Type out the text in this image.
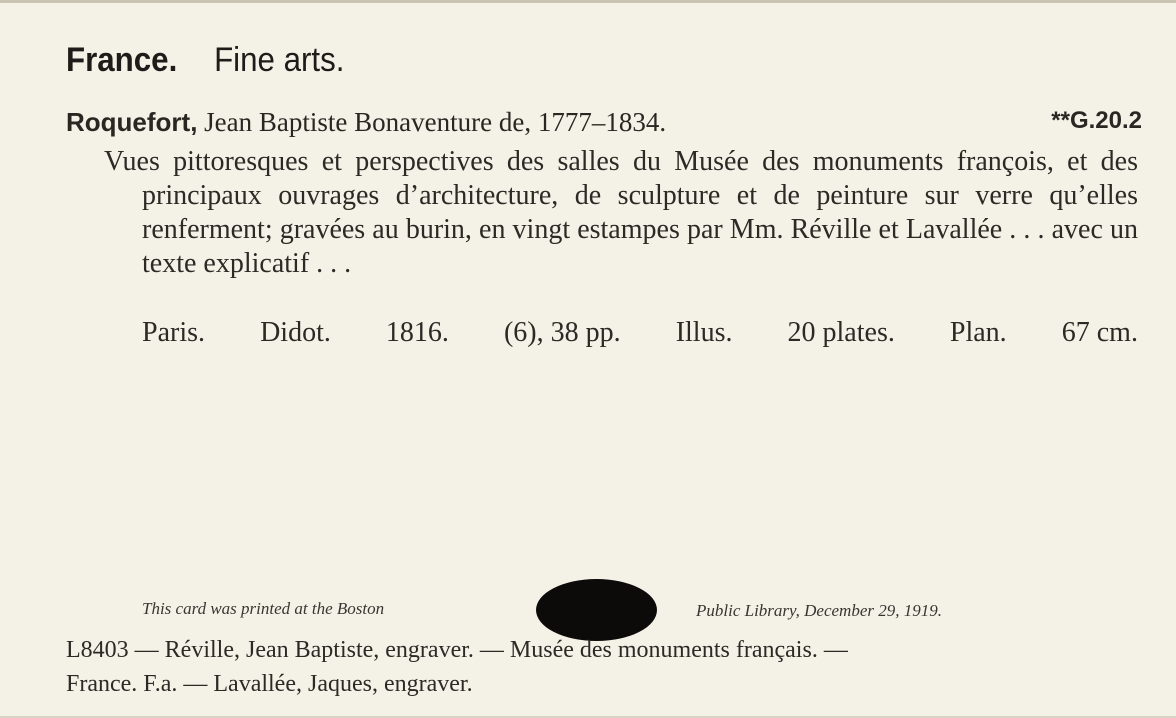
France. Fine arts.
Roquefort, Jean Baptiste Bonaventure de, 1777–1834.	**G.20.2
Vues pittoresques et perspectives des salles du Musée des monuments françois, et des principaux ouvrages d’architecture, de sculpture et de peinture sur verre qu’elles renferment; gravées au burin, en vingt estampes par Mm. Réville et Lavallée . . . avec un texte explicatif . . .
Paris. Didot. 1816. (6), 38 pp. Illus. 20 plates. Plan. 67 cm.
This card was printed at the Boston	Public Library, December 29, 1919.
L8403 — Réville, Jean Baptiste, engraver. — Musée des monuments français. —
France. F.a. — Lavallée, Jaques, engraver.
